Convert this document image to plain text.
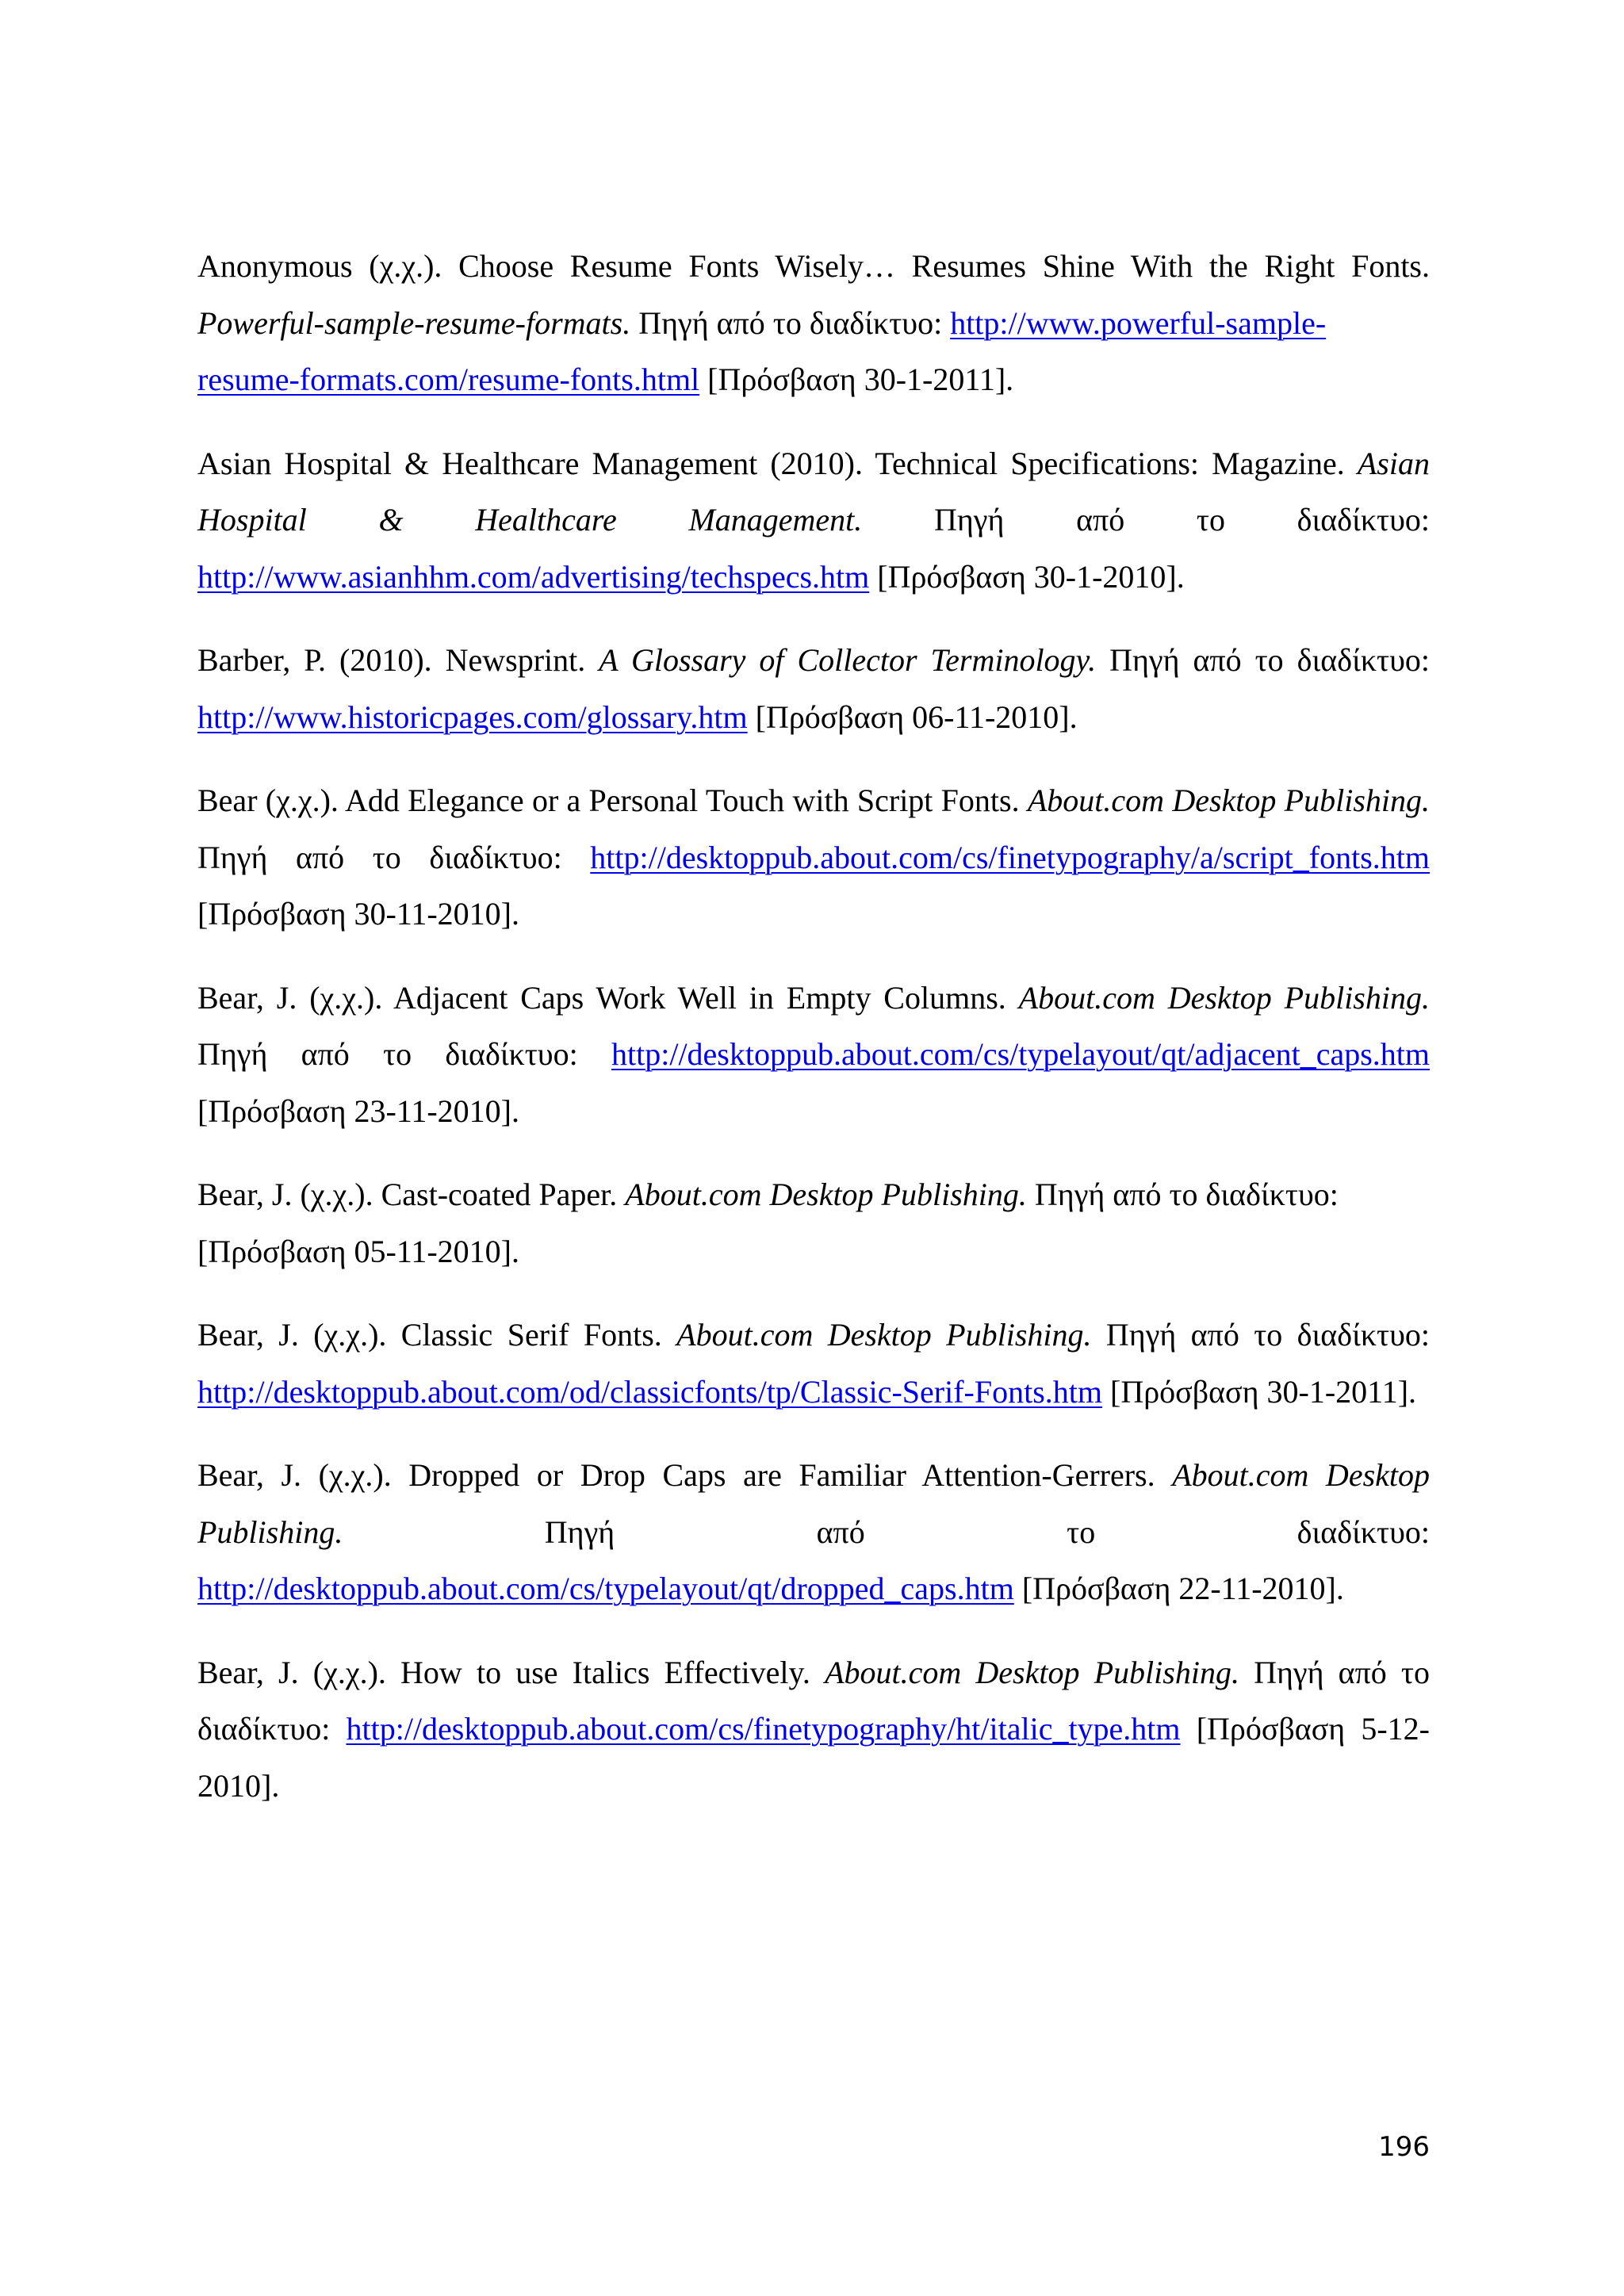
Anonymous (χ.χ.). Choose Resume Fonts Wisely… Resumes Shine With the Right Fonts. Powerful-sample-resume-formats. Πηγή από το διαδίκτυο: http://www.powerful-sample-
resume-formats.com/resume-fonts.html [Πρόσβαση 30-1-2011].

Asian Hospital & Healthcare Management (2010). Technical Specifications: Magazine. Asian Hospital & Healthcare Management. Πηγή από το διαδίκτυο: http://www.asianhhm.com/advertising/techspecs.htm [Πρόσβαση 30-1-2010].

Barber, P. (2010). Newsprint. A Glossary of Collector Terminology. Πηγή από το διαδίκτυο: http://www.historicpages.com/glossary.htm [Πρόσβαση 06-11-2010].

Bear (χ.χ.). Add Elegance or a Personal Touch with Script Fonts. About.com Desktop Publishing. Πηγή από το διαδίκτυο: http://desktoppub.about.com/cs/finetypography/a/script_fonts.htm [Πρόσβαση 30-11-2010].

Bear, J. (χ.χ.). Adjacent Caps Work Well in Empty Columns. About.com Desktop Publishing. Πηγή από το διαδίκτυο: http://desktoppub.about.com/cs/typelayout/qt/adjacent_caps.htm [Πρόσβαση 23-11-2010].

Bear, J. (χ.χ.). Cast-coated Paper. About.com Desktop Publishing. Πηγή από το διαδίκτυο:
[Πρόσβαση 05-11-2010].

Bear, J. (χ.χ.). Classic Serif Fonts. About.com Desktop Publishing. Πηγή από το διαδίκτυο: http://desktoppub.about.com/od/classicfonts/tp/Classic-Serif-Fonts.htm [Πρόσβαση 30-1-2011].

Bear, J. (χ.χ.). Dropped or Drop Caps are Familiar Attention-Gerrers. About.com Desktop Publishing. Πηγή από το διαδίκτυο: http://desktoppub.about.com/cs/typelayout/qt/dropped_caps.htm [Πρόσβαση 22-11-2010].

Bear, J. (χ.χ.). How to use Italics Effectively. About.com Desktop Publishing. Πηγή από το διαδίκτυο: http://desktoppub.about.com/cs/finetypography/ht/italic_type.htm [Πρόσβαση 5-12-2010].

196
